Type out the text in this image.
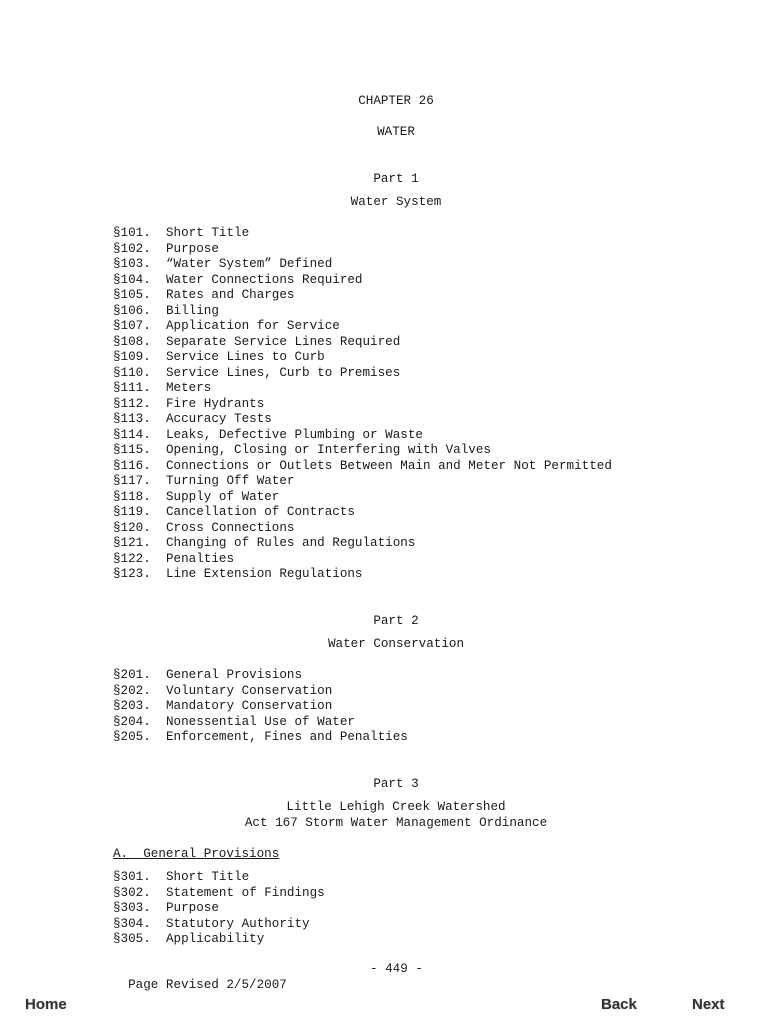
CHAPTER 26
WATER
Part 1
Water System
§101. Short Title
§102. Purpose
§103. “Water System” Defined
§104. Water Connections Required
§105. Rates and Charges
§106. Billing
§107. Application for Service
§108. Separate Service Lines Required
§109. Service Lines to Curb
§110. Service Lines, Curb to Premises
§111. Meters
§112. Fire Hydrants
§113. Accuracy Tests
§114. Leaks, Defective Plumbing or Waste
§115. Opening, Closing or Interfering with Valves
§116. Connections or Outlets Between Main and Meter Not Permitted
§117. Turning Off Water
§118. Supply of Water
§119. Cancellation of Contracts
§120. Cross Connections
§121. Changing of Rules and Regulations
§122. Penalties
§123. Line Extension Regulations
Part 2
Water Conservation
§201. General Provisions
§202. Voluntary Conservation
§203. Mandatory Conservation
§204. Nonessential Use of Water
§205. Enforcement, Fines and Penalties
Part 3
Little Lehigh Creek Watershed
Act 167 Storm Water Management Ordinance
A.  General Provisions
§301. Short Title
§302. Statement of Findings
§303. Purpose
§304. Statutory Authority
§305. Applicability

Page Revised 2/5/2007

- 449 -

Home	Back	Next
